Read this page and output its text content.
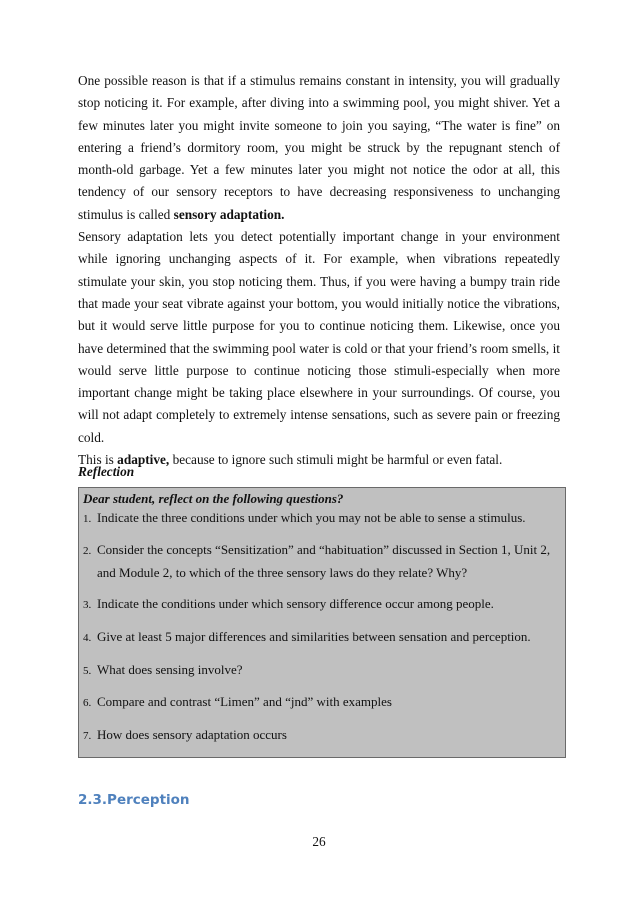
One possible reason is that if a stimulus remains constant in intensity, you will gradually stop noticing it. For example, after diving into a swimming pool, you might shiver. Yet a few minutes later you might invite someone to join you saying, “The water is fine” on entering a friend’s dormitory room, you might be struck by the repugnant stench of month-old garbage. Yet a few minutes later you might not notice the odor at all, this tendency of our sensory receptors to have decreasing responsiveness to unchanging stimulus is called sensory adaptation.

Sensory adaptation lets you detect potentially important change in your environment while ignoring unchanging aspects of it. For example, when vibrations repeatedly stimulate your skin, you stop noticing them. Thus, if you were having a bumpy train ride that made your seat vibrate against your bottom, you would initially notice the vibrations, but it would serve little purpose for you to continue noticing them. Likewise, once you have determined that the swimming pool water is cold or that your friend’s room smells, it would serve little purpose to continue noticing those stimuli-especially when more important change might be taking place elsewhere in your surroundings. Of course, you will not adapt completely to extremely intense sensations, such as severe pain or freezing cold.

This is adaptive, because to ignore such stimuli might be harmful or even fatal.

Reflection
Dear student, reflect on the following questions?
1. Indicate the three conditions under which you may not be able to sense a stimulus.
2. Consider the concepts “Sensitization” and “habituation” discussed in Section 1, Unit 2,
and Module 2, to which of the three sensory laws do they relate? Why?
3. Indicate the conditions under which sensory difference occur among people.
4. Give at least 5 major differences and similarities between sensation and perception.
5. What does sensing involve?
6. Compare and contrast “Limen” and “jnd” with examples
7. How does sensory adaptation occurs
2.3.Perception
26
